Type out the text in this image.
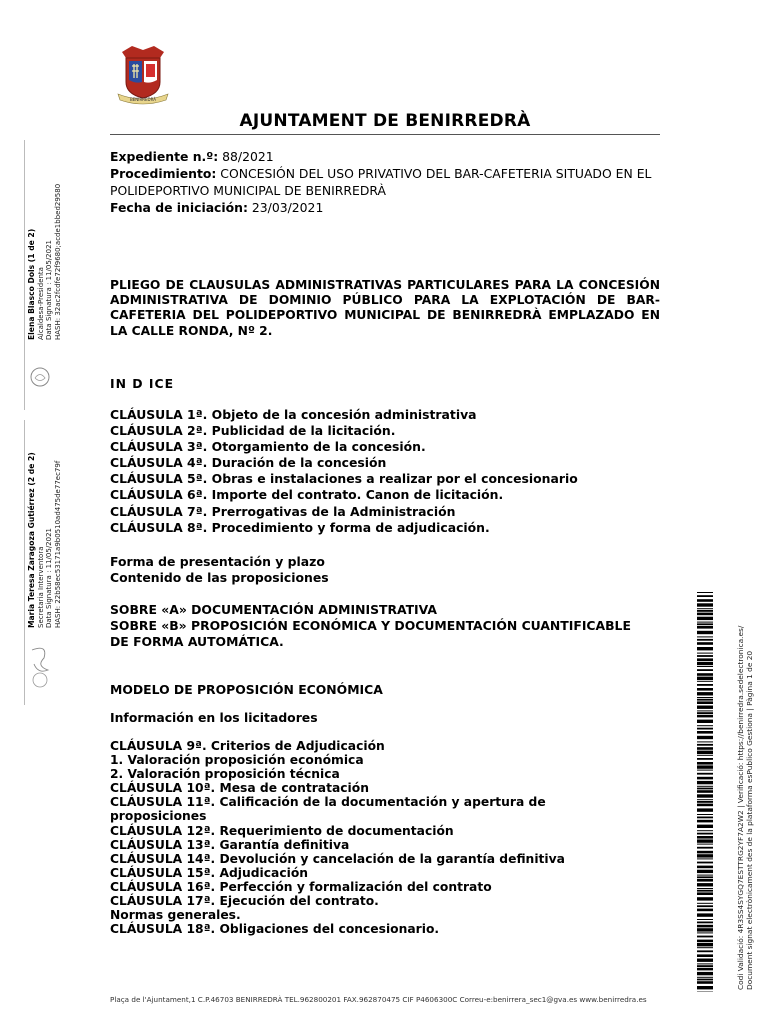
BENIRREDRÀ
AJUNTAMENT DE BENIRREDRÀ
Expediente n.º: 88/2021
Procedimiento: CONCESIÓN DEL USO PRIVATIVO DEL BAR-CAFETERIA SITUADO EN EL POLIDEPORTIVO MUNICIPAL DE BENIRREDRÀ
Fecha de iniciación: 23/03/2021
PLIEGO DE CLAUSULAS ADMINISTRATIVAS PARTICULARES PARA LA CONCESIÓN ADMINISTRATIVA DE DOMINIO PÚBLICO PARA LA EXPLOTACIÓN DE BAR-CAFETERIA DEL POLIDEPORTIVO MUNICIPAL DE BENIRREDRÀ EMPLAZADO EN LA CALLE RONDA, Nº 2.
IN D ICE
CLÁUSULA 1ª. Objeto de la concesión administrativa
CLÁUSULA 2ª. Publicidad de la licitación.
CLÁUSULA 3ª. Otorgamiento de la concesión.
CLÁUSULA 4ª. Duración de la concesión
CLÁUSULA 5ª. Obras e instalaciones a realizar por el concesionario
CLÁUSULA 6ª. Importe del contrato. Canon de licitación.
CLÁUSULA 7ª. Prerrogativas de la Administración
CLÁUSULA 8ª. Procedimiento y forma de adjudicación.
Forma de presentación y plazo
Contenido de las proposiciones
SOBRE «A» DOCUMENTACIÓN ADMINISTRATIVA
SOBRE «B» PROPOSICIÓN ECONÓMICA Y DOCUMENTACIÓN CUANTIFICABLE
DE FORMA AUTOMÁTICA.
MODELO DE PROPOSICIÓN ECONÓMICA
Información en los licitadores
CLÁUSULA 9ª. Criterios de Adjudicación
1. Valoración proposición económica
2. Valoración proposición técnica
CLÁUSULA 10ª. Mesa de contratación
CLÁUSULA 11ª. Calificación de la documentación y apertura de
proposiciones
CLÁUSULA 12ª. Requerimiento de documentación
CLÁUSULA 13ª. Garantía definitiva
CLÁUSULA 14ª. Devolución y cancelación de la garantía definitiva
CLÁUSULA 15ª. Adjudicación
CLÁUSULA 16ª. Perfección y formalización del contrato
CLÁUSULA 17ª. Ejecución del contrato.
Normas generales.
CLÁUSULA 18ª. Obligaciones del concesionario.
Plaça de l'Ajuntament,1 C.P.46703 BENIRREDRÀ TEL.962800201 FAX.962870475 CIF P4606300C Correu-e:benirrera_sec1@gva.es www.benirredra.es
Elena Blasco Dols (1 de 2) Alcaldesa-Presidenta Data Signatura : 11/05/2021 HASH: 32ac2fcdfe72f9680;acde1bbed29580
Maria Teresa Zaragoza Gutiérrez (2 de 2) Secretaria Interventora Data Signatura : 11/05/2021 HASH: 22b58ec53171a9b0510ad475de77ec79f
Codi Validació: 4R3SS4SYGQ7ESTTRG2YF7A2W2 | Verificació: https://benirredra.sedelectronica.es/ Document signat electrònicament des de la plataforma esPublico Gestiona | Pàgina 1 de 20
